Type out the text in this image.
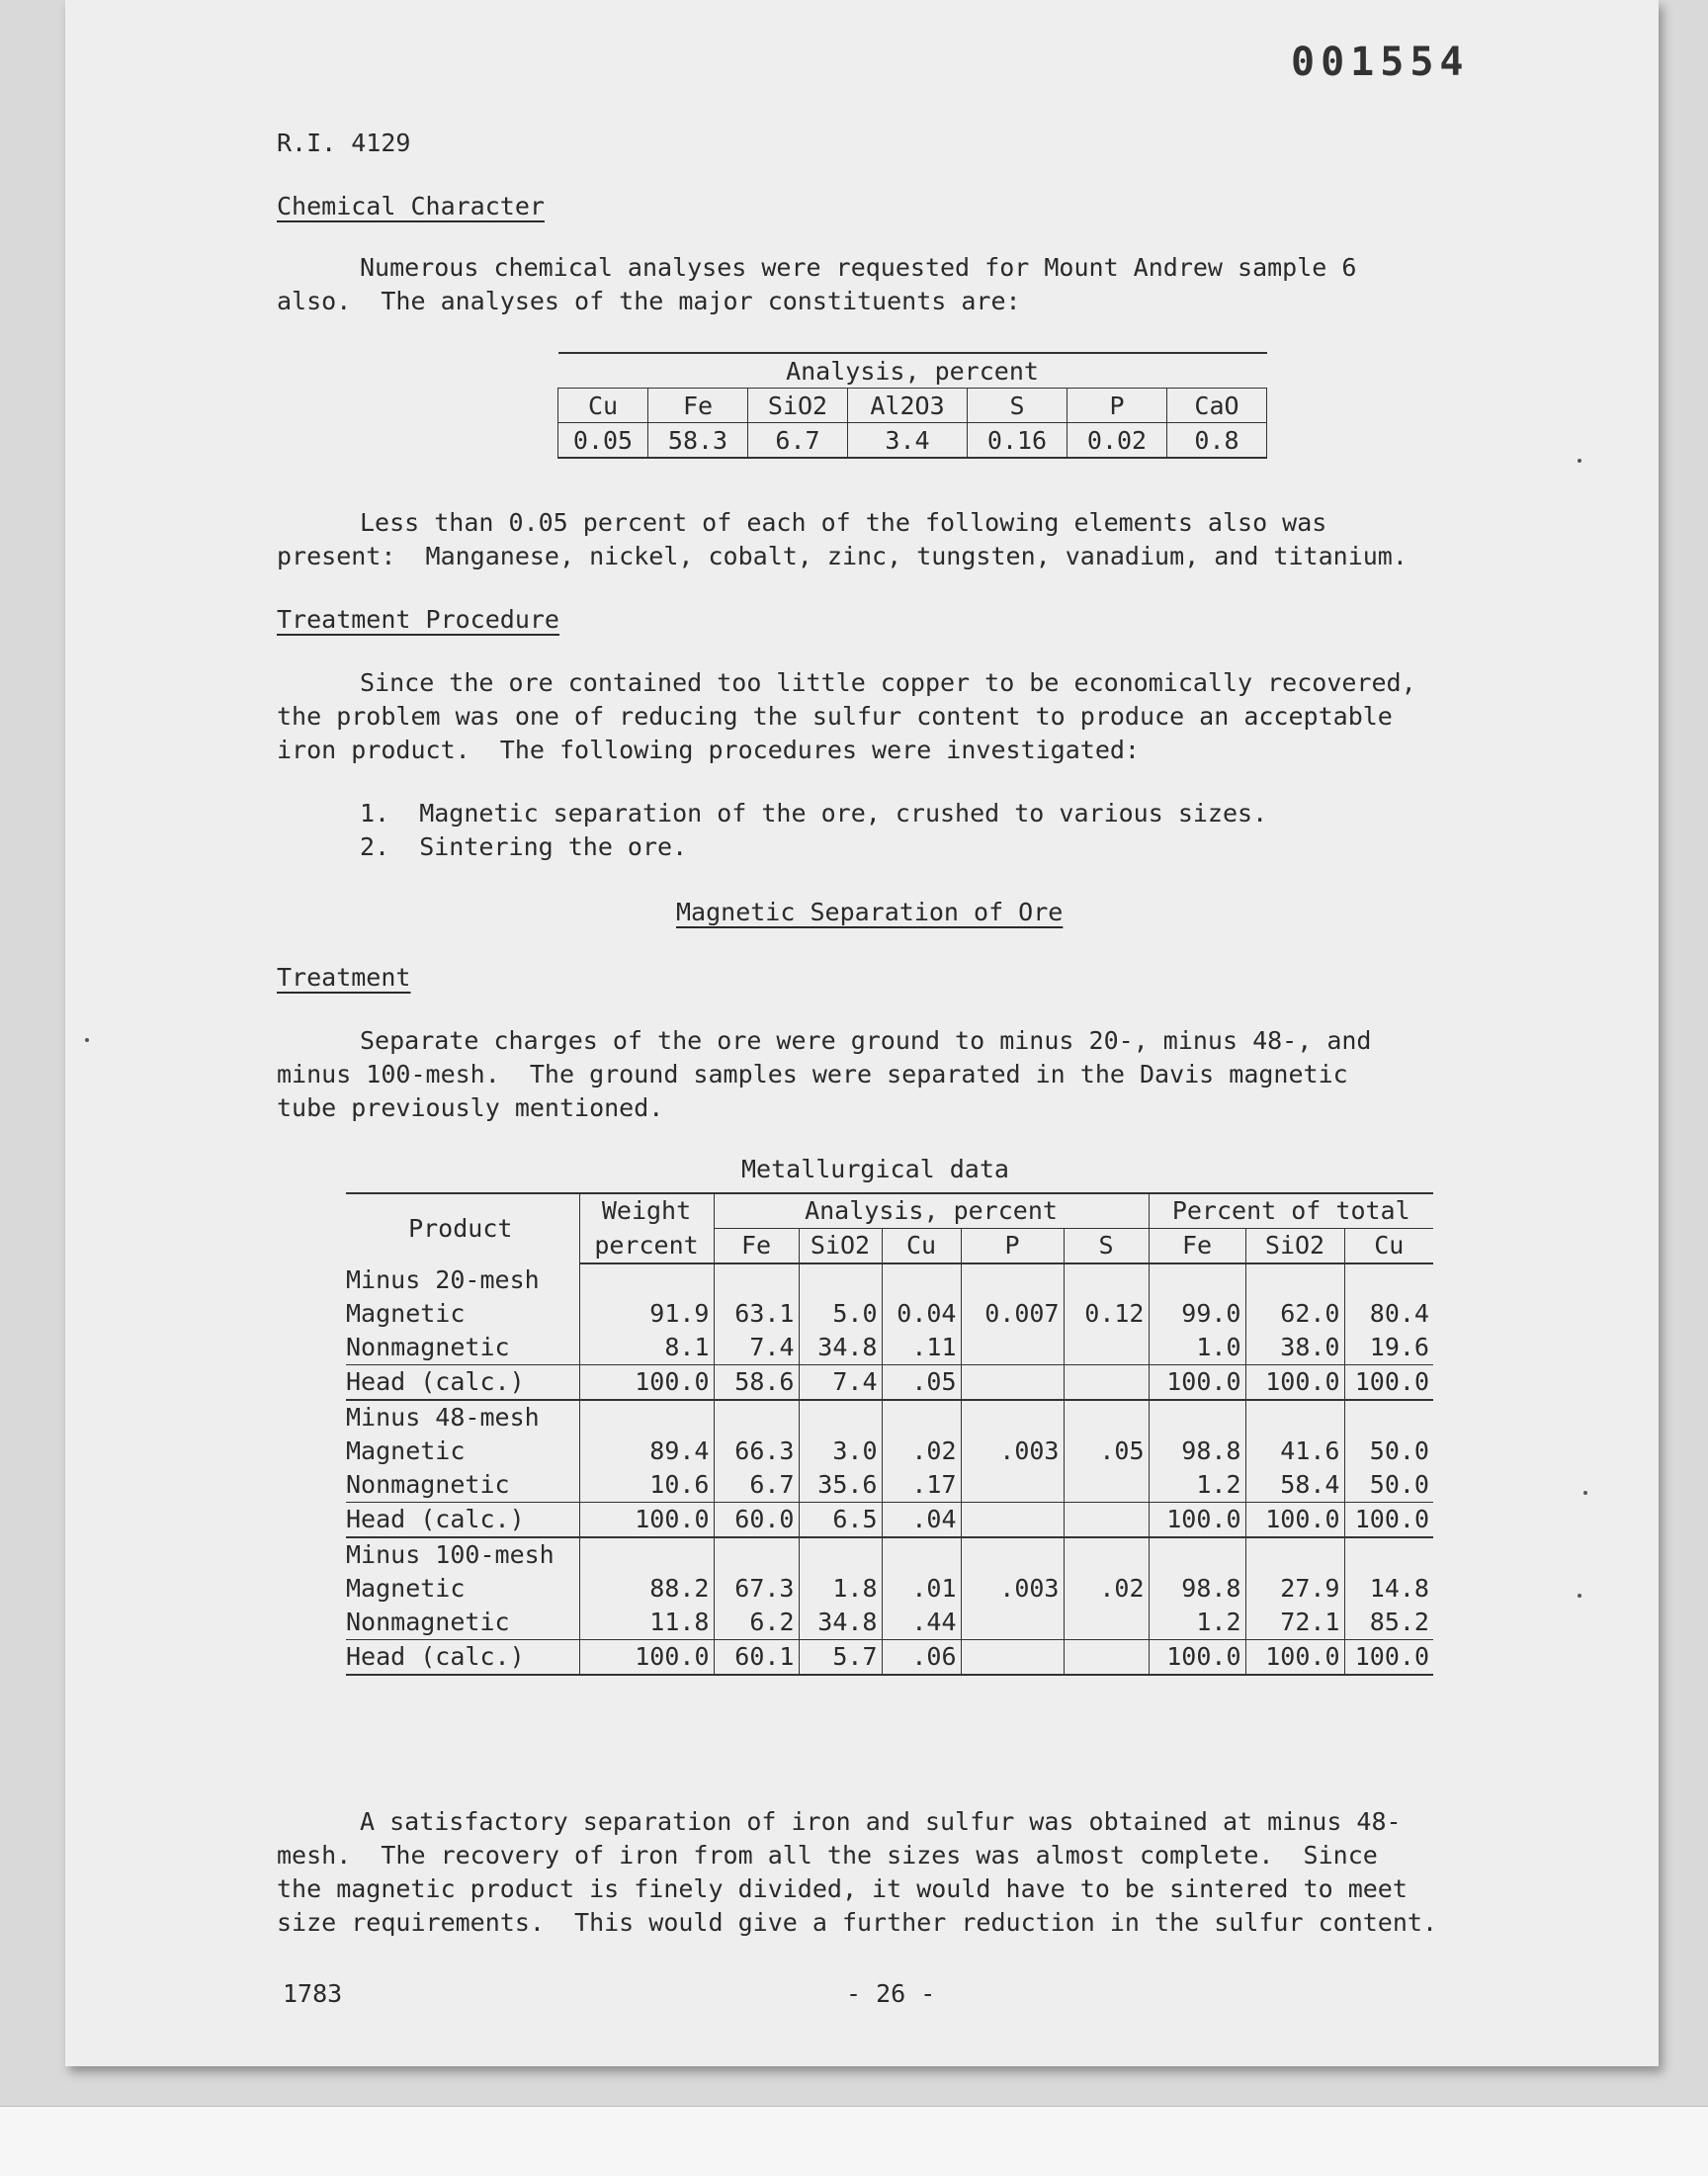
001554
R.I. 4129
Chemical Character
Numerous chemical analyses were requested for Mount Andrew sample 6
also.  The analyses of the major constituents are:
Analysis, percent						
Cu	Fe	SiO2	Al2O3	S	P	CaO
0.05	58.3	6.7	3.4	0.16	0.02	0.8
Less than 0.05 percent of each of the following elements also was
present:  Manganese, nickel, cobalt, zinc, tungsten, vanadium, and titanium.
Treatment Procedure
Since the ore contained too little copper to be economically recovered,
the problem was one of reducing the sulfur content to produce an acceptable
iron product.  The following procedures were investigated:
1.  Magnetic separation of the ore, crushed to various sizes.
2.  Sintering the ore.
Magnetic Separation of Ore
Treatment
Separate charges of the ore were ground to minus 20-, minus 48-, and
minus 100-mesh.  The ground samples were separated in the Davis magnetic
tube previously mentioned.
Metallurgical data
Product	Weight	Analysis, percent					Percent of total		
	percent	Fe	SiO2	Cu	P	S	Fe	SiO2	Cu
Minus 20-mesh									
Magnetic	91.9	63.1	5.0	0.04	0.007	0.12	99.0	62.0	80.4
Nonmagnetic	8.1	7.4	34.8	.11			1.0	38.0	19.6
Head (calc.)	100.0	58.6	7.4	.05			100.0	100.0	100.0
Minus 48-mesh									
Magnetic	89.4	66.3	3.0	.02	.003	.05	98.8	41.6	50.0
Nonmagnetic	10.6	6.7	35.6	.17			1.2	58.4	50.0
Head (calc.)	100.0	60.0	6.5	.04			100.0	100.0	100.0
Minus 100-mesh									
Magnetic	88.2	67.3	1.8	.01	.003	.02	98.8	27.9	14.8
Nonmagnetic	11.8	6.2	34.8	.44			1.2	72.1	85.2
Head (calc.)	100.0	60.1	5.7	.06			100.0	100.0	100.0
A satisfactory separation of iron and sulfur was obtained at minus 48-
mesh.  The recovery of iron from all the sizes was almost complete.  Since
the magnetic product is finely divided, it would have to be sintered to meet
size requirements.  This would give a further reduction in the sulfur content.
1783	- 26 -
